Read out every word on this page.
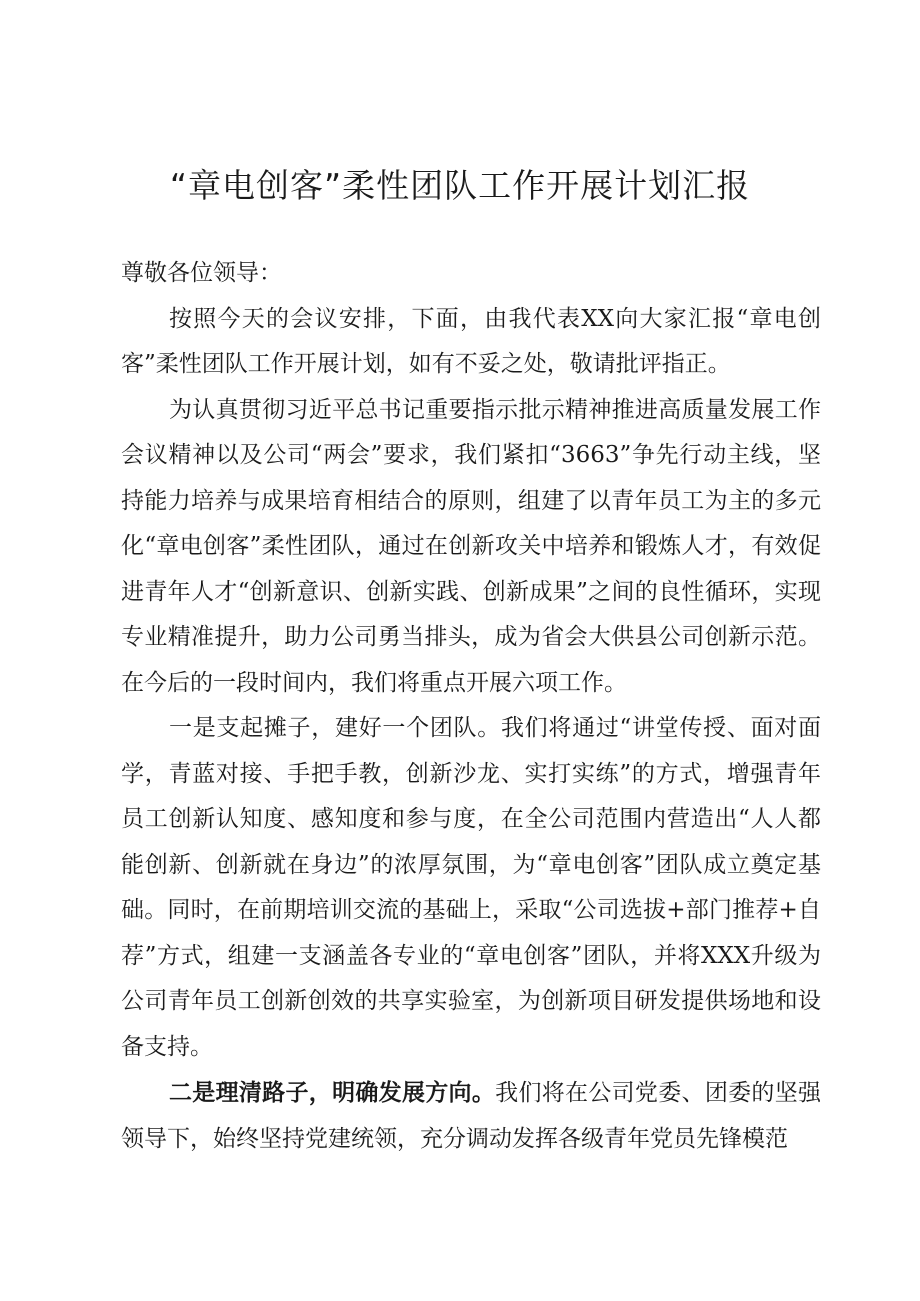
“章电创客”柔性团队工作开展计划汇报

尊敬各位领导：

按照今天的会议安排，下面，由我代表XX向大家汇报“章电创客”柔性团队工作开展计划，如有不妥之处，敬请批评指正。

为认真贯彻习近平总书记重要指示批示精神推进高质量发展工作会议精神以及公司“两会”要求，我们紧扣“3663”争先行动主线，坚持能力培养与成果培育相结合的原则，组建了以青年员工为主的多元化“章电创客”柔性团队，通过在创新攻关中培养和锻炼人才，有效促进青年人才“创新意识、创新实践、创新成果”之间的良性循环，实现专业精准提升，助力公司勇当排头，成为省会大供县公司创新示范。在今后的一段时间内，我们将重点开展六项工作。

一是支起摊子，建好一个团队。我们将通过“讲堂传授、面对面学，青蓝对接、手把手教，创新沙龙、实打实练”的方式，增强青年员工创新认知度、感知度和参与度，在全公司范围内营造出“人人都能创新、创新就在身边”的浓厚氛围，为“章电创客”团队成立奠定基础。同时，在前期培训交流的基础上，采取“公司选拔+部门推荐+自荐”方式，组建一支涵盖各专业的“章电创客”团队，并将XXX升级为公司青年员工创新创效的共享实验室，为创新项目研发提供场地和设备支持。

二是理清路子，明确发展方向。我们将在公司党委、团委的坚强领导下，始终坚持党建统领，充分调动发挥各级青年党员先锋模范
